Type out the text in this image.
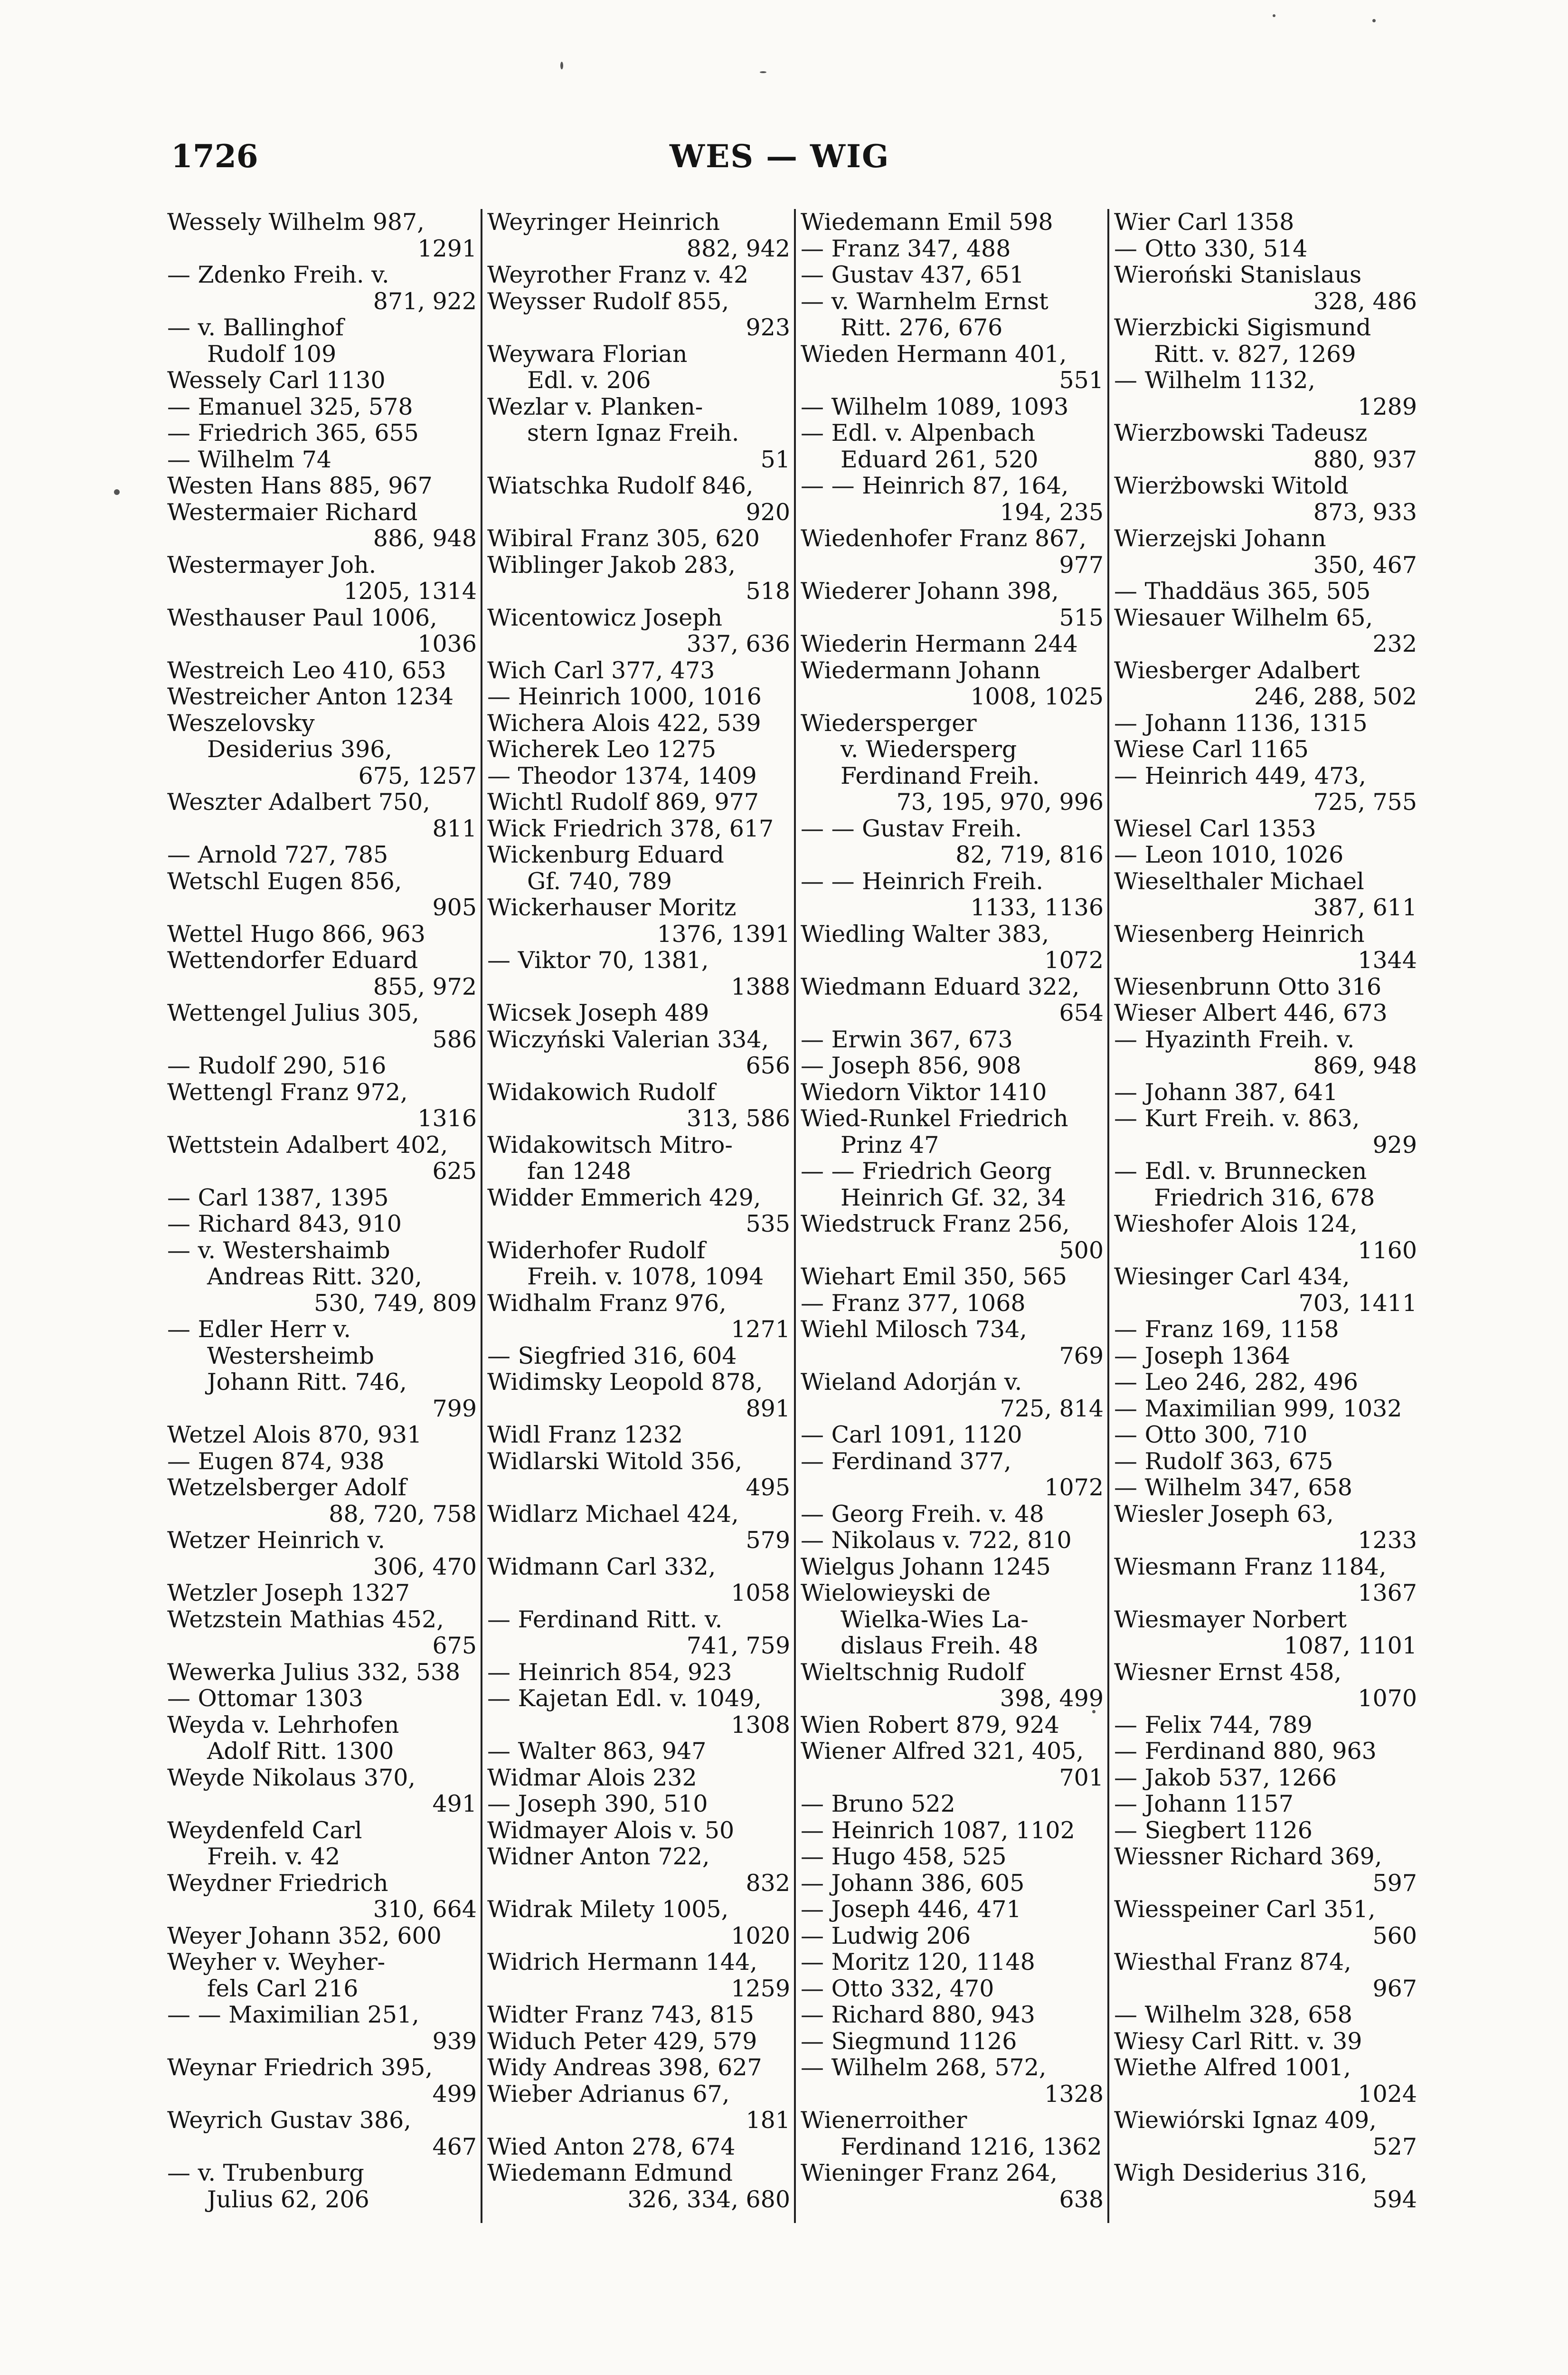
1726	WES — WIG
Wessely Wilhelm 987,
1291
— Zdenko Freih. v.
871, 922
— v. Ballinghof
Rudolf 109
Wessely Carl 1130
— Emanuel 325, 578
— Friedrich 365, 655
— Wilhelm 74
Westen Hans 885, 967
Westermaier Richard
886, 948
Westermayer Joh.
1205, 1314
Westhauser Paul 1006,
1036
Westreich Leo 410, 653
Westreicher Anton 1234
Weszelovsky
Desiderius 396,
675, 1257
Weszter Adalbert 750,
811
— Arnold 727, 785
Wetschl Eugen 856,
905
Wettel Hugo 866, 963
Wettendorfer Eduard
855, 972
Wettengel Julius 305,
586
— Rudolf 290, 516
Wettengl Franz 972,
1316
Wettstein Adalbert 402,
625
— Carl 1387, 1395
— Richard 843, 910
— v. Westershaimb
Andreas Ritt. 320,
530, 749, 809
— Edler Herr v.
Westersheimb
Johann Ritt. 746,
799
Wetzel Alois 870, 931
— Eugen 874, 938
Wetzelsberger Adolf
88, 720, 758
Wetzer Heinrich v.
306, 470
Wetzler Joseph 1327
Wetzstein Mathias 452,
675
Wewerka Julius 332, 538
— Ottomar 1303
Weyda v. Lehrhofen
Adolf Ritt. 1300
Weyde Nikolaus 370,
491
Weydenfeld Carl
Freih. v. 42
Weydner Friedrich
310, 664
Weyer Johann 352, 600
Weyher v. Weyher-
fels Carl 216
— — Maximilian 251,
939
Weynar Friedrich 395,
499
Weyrich Gustav 386,
467
— v. Trubenburg
Julius 62, 206
Weyringer Heinrich
882, 942
Weyrother Franz v. 42
Weysser Rudolf 855,
923
Weywara Florian
Edl. v. 206
Wezlar v. Planken-
stern Ignaz Freih.
51
Wiatschka Rudolf 846,
920
Wibiral Franz 305, 620
Wiblinger Jakob 283,
518
Wicentowicz Joseph
337, 636
Wich Carl 377, 473
— Heinrich 1000, 1016
Wichera Alois 422, 539
Wicherek Leo 1275
— Theodor 1374, 1409
Wichtl Rudolf 869, 977
Wick Friedrich 378, 617
Wickenburg Eduard
Gf. 740, 789
Wickerhauser Moritz
1376, 1391
— Viktor 70, 1381,
1388
Wicsek Joseph 489
Wiczyński Valerian 334,
656
Widakowich Rudolf
313, 586
Widakowitsch Mitro-
fan 1248
Widder Emmerich 429,
535
Widerhofer Rudolf
Freih. v. 1078, 1094
Widhalm Franz 976,
1271
— Siegfried 316, 604
Widimsky Leopold 878,
891
Widl Franz 1232
Widlarski Witold 356,
495
Widlarz Michael 424,
579
Widmann Carl 332,
1058
— Ferdinand Ritt. v.
741, 759
— Heinrich 854, 923
— Kajetan Edl. v. 1049,
1308
— Walter 863, 947
Widmar Alois 232
— Joseph 390, 510
Widmayer Alois v. 50
Widner Anton 722,
832
Widrak Milety 1005,
1020
Widrich Hermann 144,
1259
Widter Franz 743, 815
Widuch Peter 429, 579
Widy Andreas 398, 627
Wieber Adrianus 67,
181
Wied Anton 278, 674
Wiedemann Edmund
326, 334, 680
Wiedemann Emil 598
— Franz 347, 488
— Gustav 437, 651
— v. Warnhelm Ernst
Ritt. 276, 676
Wieden Hermann 401,
551
— Wilhelm 1089, 1093
— Edl. v. Alpenbach
Eduard 261, 520
— — Heinrich 87, 164,
194, 235
Wiedenhofer Franz 867,
977
Wiederer Johann 398,
515
Wiederin Hermann 244
Wiedermann Johann
1008, 1025
Wiedersperger
v. Wiedersperg
Ferdinand Freih.
73, 195, 970, 996
— — Gustav Freih.
82, 719, 816
— — Heinrich Freih.
1133, 1136
Wiedling Walter 383,
1072
Wiedmann Eduard 322,
654
— Erwin 367, 673
— Joseph 856, 908
Wiedorn Viktor 1410
Wied-Runkel Friedrich
Prinz 47
— — Friedrich Georg
Heinrich Gf. 32, 34
Wiedstruck Franz 256,
500
Wiehart Emil 350, 565
— Franz 377, 1068
Wiehl Milosch 734,
769
Wieland Adorján v.
725, 814
— Carl 1091, 1120
— Ferdinand 377,
1072
— Georg Freih. v. 48
— Nikolaus v. 722, 810
Wielgus Johann 1245
Wielowieyski de
Wielka-Wies La-
dislaus Freih. 48
Wieltschnig Rudolf
398, 499
Wien Robert 879, 924
Wiener Alfred 321, 405,
701
— Bruno 522
— Heinrich 1087, 1102
— Hugo 458, 525
— Johann 386, 605
— Joseph 446, 471
— Ludwig 206
— Moritz 120, 1148
— Otto 332, 470
— Richard 880, 943
— Siegmund 1126
— Wilhelm 268, 572,
1328
Wienerroither
Ferdinand 1216, 1362
Wieninger Franz 264,
638
Wier Carl 1358
— Otto 330, 514
Wieroński Stanislaus
328, 486
Wierzbicki Sigismund
Ritt. v. 827, 1269
— Wilhelm 1132,
1289
Wierzbowski Tadeusz
880, 937
Wierżbowski Witold
873, 933
Wierzejski Johann
350, 467
— Thaddäus 365, 505
Wiesauer Wilhelm 65,
232
Wiesberger Adalbert
246, 288, 502
— Johann 1136, 1315
Wiese Carl 1165
— Heinrich 449, 473,
725, 755
Wiesel Carl 1353
— Leon 1010, 1026
Wieselthaler Michael
387, 611
Wiesenberg Heinrich
1344
Wiesenbrunn Otto 316
Wieser Albert 446, 673
— Hyazinth Freih. v.
869, 948
— Johann 387, 641
— Kurt Freih. v. 863,
929
— Edl. v. Brunnecken
Friedrich 316, 678
Wieshofer Alois 124,
1160
Wiesinger Carl 434,
703, 1411
— Franz 169, 1158
— Joseph 1364
— Leo 246, 282, 496
— Maximilian 999, 1032
— Otto 300, 710
— Rudolf 363, 675
— Wilhelm 347, 658
Wiesler Joseph 63,
1233
Wiesmann Franz 1184,
1367
Wiesmayer Norbert
1087, 1101
Wiesner Ernst 458,
1070
— Felix 744, 789
— Ferdinand 880, 963
— Jakob 537, 1266
— Johann 1157
— Siegbert 1126
Wiessner Richard 369,
597
Wiesspeiner Carl 351,
560
Wiesthal Franz 874,
967
— Wilhelm 328, 658
Wiesy Carl Ritt. v. 39
Wiethe Alfred 1001,
1024
Wiewiórski Ignaz 409,
527
Wigh Desiderius 316,
594
